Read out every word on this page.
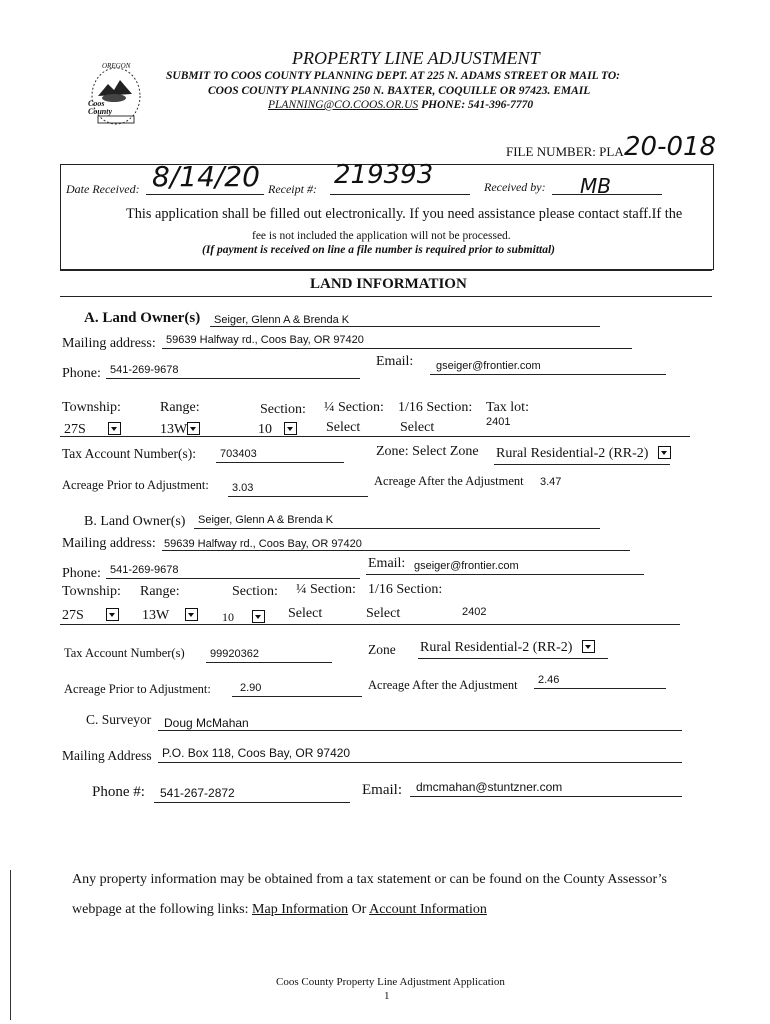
OREGON
Coos County
PROPERTY LINE ADJUSTMENT
SUBMIT TO COOS COUNTY PLANNING DEPT. AT 225 N. ADAMS STREET OR MAIL TO:
COOS COUNTY PLANNING 250 N. BAXTER, COQUILLE OR 97423. EMAIL
PLANNING@CO.COOS.OR.US PHONE: 541-396-7770
FILE NUMBER: PLA 20-018
Date Received: 8/14/20 Receipt #: 219393	Received by: MB
This application shall be filled out electronically. If you need assistance please contact staff.If the
fee is not included the application will not be processed.
(If payment is received on line a file number is required prior to submittal)
LAND INFORMATION
A. Land Owner(s) Seiger, Glenn A & Brenda K
Mailing address: 59639 Halfway rd., Coos Bay, OR 97420
Email: gseiger@frontier.com
Phone: 541-269-9678
Township:	Range:	Section: ¼ Section: 1/16 Section: Tax lot:
27S	13W	10	Select	Select	2401
Tax Account Number(s): 703403	Zone: Select Zone Rural Residential-2 (RR-2)
Acreage Prior to Adjustment: 3.03	Acreage After the Adjustment 3.47
B. Land Owner(s) Seiger, Glenn A & Brenda K
Mailing address: 59639 Halfway rd., Coos Bay, OR 97420
Email: gseiger@frontier.com
Phone: 541-269-9678
Township: Range:	Section: ¼ Section: 1/16 Section:
27S	13W	10	Select	Select	2402
Tax Account Number(s) 99920362	Zone Rural Residential-2 (RR-2)
Acreage Prior to Adjustment:	2.90	Acreage After the Adjustment 2.46
C. Surveyor Doug McMahan
Mailing Address P.O. Box 118, Coos Bay, OR 97420
Phone #: 541-267-2872	Email: dmcmahan@stuntzner.com
Any property information may be obtained from a tax statement or can be found on the County Assessor’s
webpage at the following links: Map Information Or Account Information
Coos County Property Line Adjustment Application
1
